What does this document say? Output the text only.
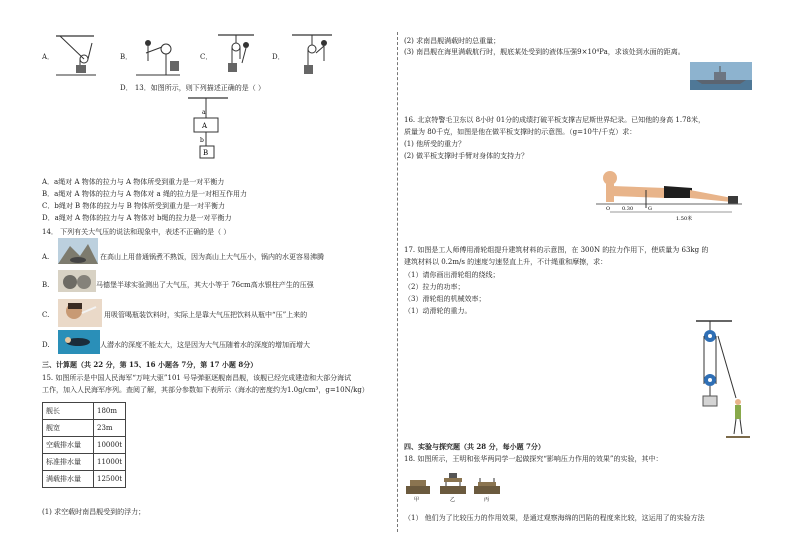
A．	B．	C．	D．
D． 13．如图所示，则下列描述正确的是（ ）
a
A
b
B
A．a绳对 A 物体的拉力与 A 物体所受到重力是一对平衡力
B．a绳对 A 物体的拉力与 A 物体对 a 绳的拉力是一对相互作用力
C．b绳对 B 物体的拉力与 B 物体所受到重力是一对平衡力
D．a绳对 A 物体的拉力与 A 物体对 b绳的拉力是一对平衡力
14． 下列有关大气压的说法和现象中，表述不正确的是（ ）
A.	在高山上用普通锅煮不熟饭，因为高山上大气压小，锅内的水更容易沸腾
B.	马德堡半球实验测出了大气压，其大小等于 76cm高水银柱产生的压强
C.	用吸管喝瓶装饮料时，实际上是靠大气压把饮料从瓶中“压”上来的
D.	人潜水的深度不能太大，这是因为大气压随着水的深度的增加而增大
三、计算题（共 22 分，第 15、16 小题各 7分，第 17 小题 8分）
15. 如图所示是中国人民海军“万吨大驱”101 号导弹驱逐舰南昌舰，该舰已经完成建造和大部分海试
工作，加入人民海军序列。查阅了解，其部分参数如下表所示（海水的密度约为1.0g/cm³，g=10N/kg）
舰长	180m
舰宽	23m
空载排水量	10000t
标准排水量	11000t
满载排水量	12500t
(1) 求空载时南昌舰受到的浮力；
(2) 求南昌舰满载时的总重量；
(3) 南昌舰在海里满载航行时，舰底某处受到的液体压强9×10⁴Pa，求该处到水面的距离。
16. 北京特警毛卫东以 8小时 01分的成绩打破平板支撑吉尼斯世界纪录。已知他的身高 1.78米，
质量为 80千克，如图是他在做平板支撑时的示意图。（g=10牛/千克）求：
(1) 他所受的重力？
(2) 做平板支撑时手臂对身体的支持力？
G
O 0.30
1.50米
17. 如图是工人师傅用滑轮组提升建筑材料的示意图，在 300N 的拉力作用下，使质量为 63kg 的
建筑材料以 0.2m/s 的速度匀速竖直上升，不计绳重和摩擦，求：
（1）请你画出滑轮组的绕线；
（2）拉力的功率；
（3）滑轮组的机械效率；
（1）动滑轮的重力。
四、实验与探究题（共 28 分，每小题 7分）
18. 如图所示，王明和张华两同学一起做探究“影响压力作用的效果”的实验，其中：
甲	乙	丙
（1） 他们为了比较压力的作用效果，是通过观察海绵的凹陷的程度来比较，这运用了的实验方法
